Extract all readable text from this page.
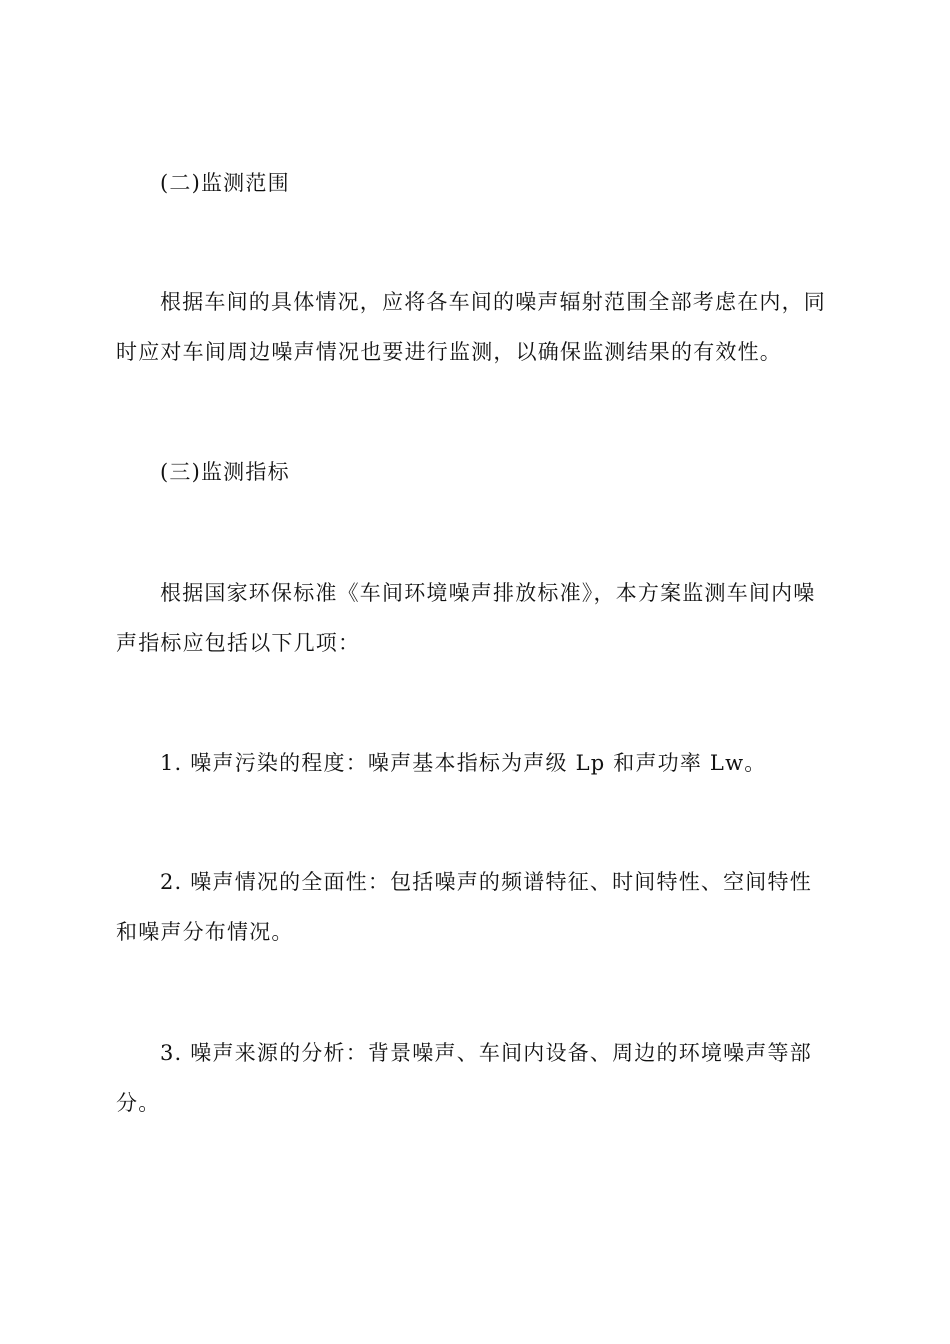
(二)监测范围

根据车间的具体情况，应将各车间的噪声辐射范围全部考虑在内，同

时应对车间周边噪声情况也要进行监测，以确保监测结果的有效性。

(三)监测指标

根据国家环保标准《车间环境噪声排放标准》，本方案监测车间内噪

声指标应包括以下几项：

1. 噪声污染的程度：噪声基本指标为声级 Lp 和声功率 Lw。

2. 噪声情况的全面性：包括噪声的频谱特征、时间特性、空间特性

和噪声分布情况。

3. 噪声来源的分析：背景噪声、车间内设备、周边的环境噪声等部

分。
